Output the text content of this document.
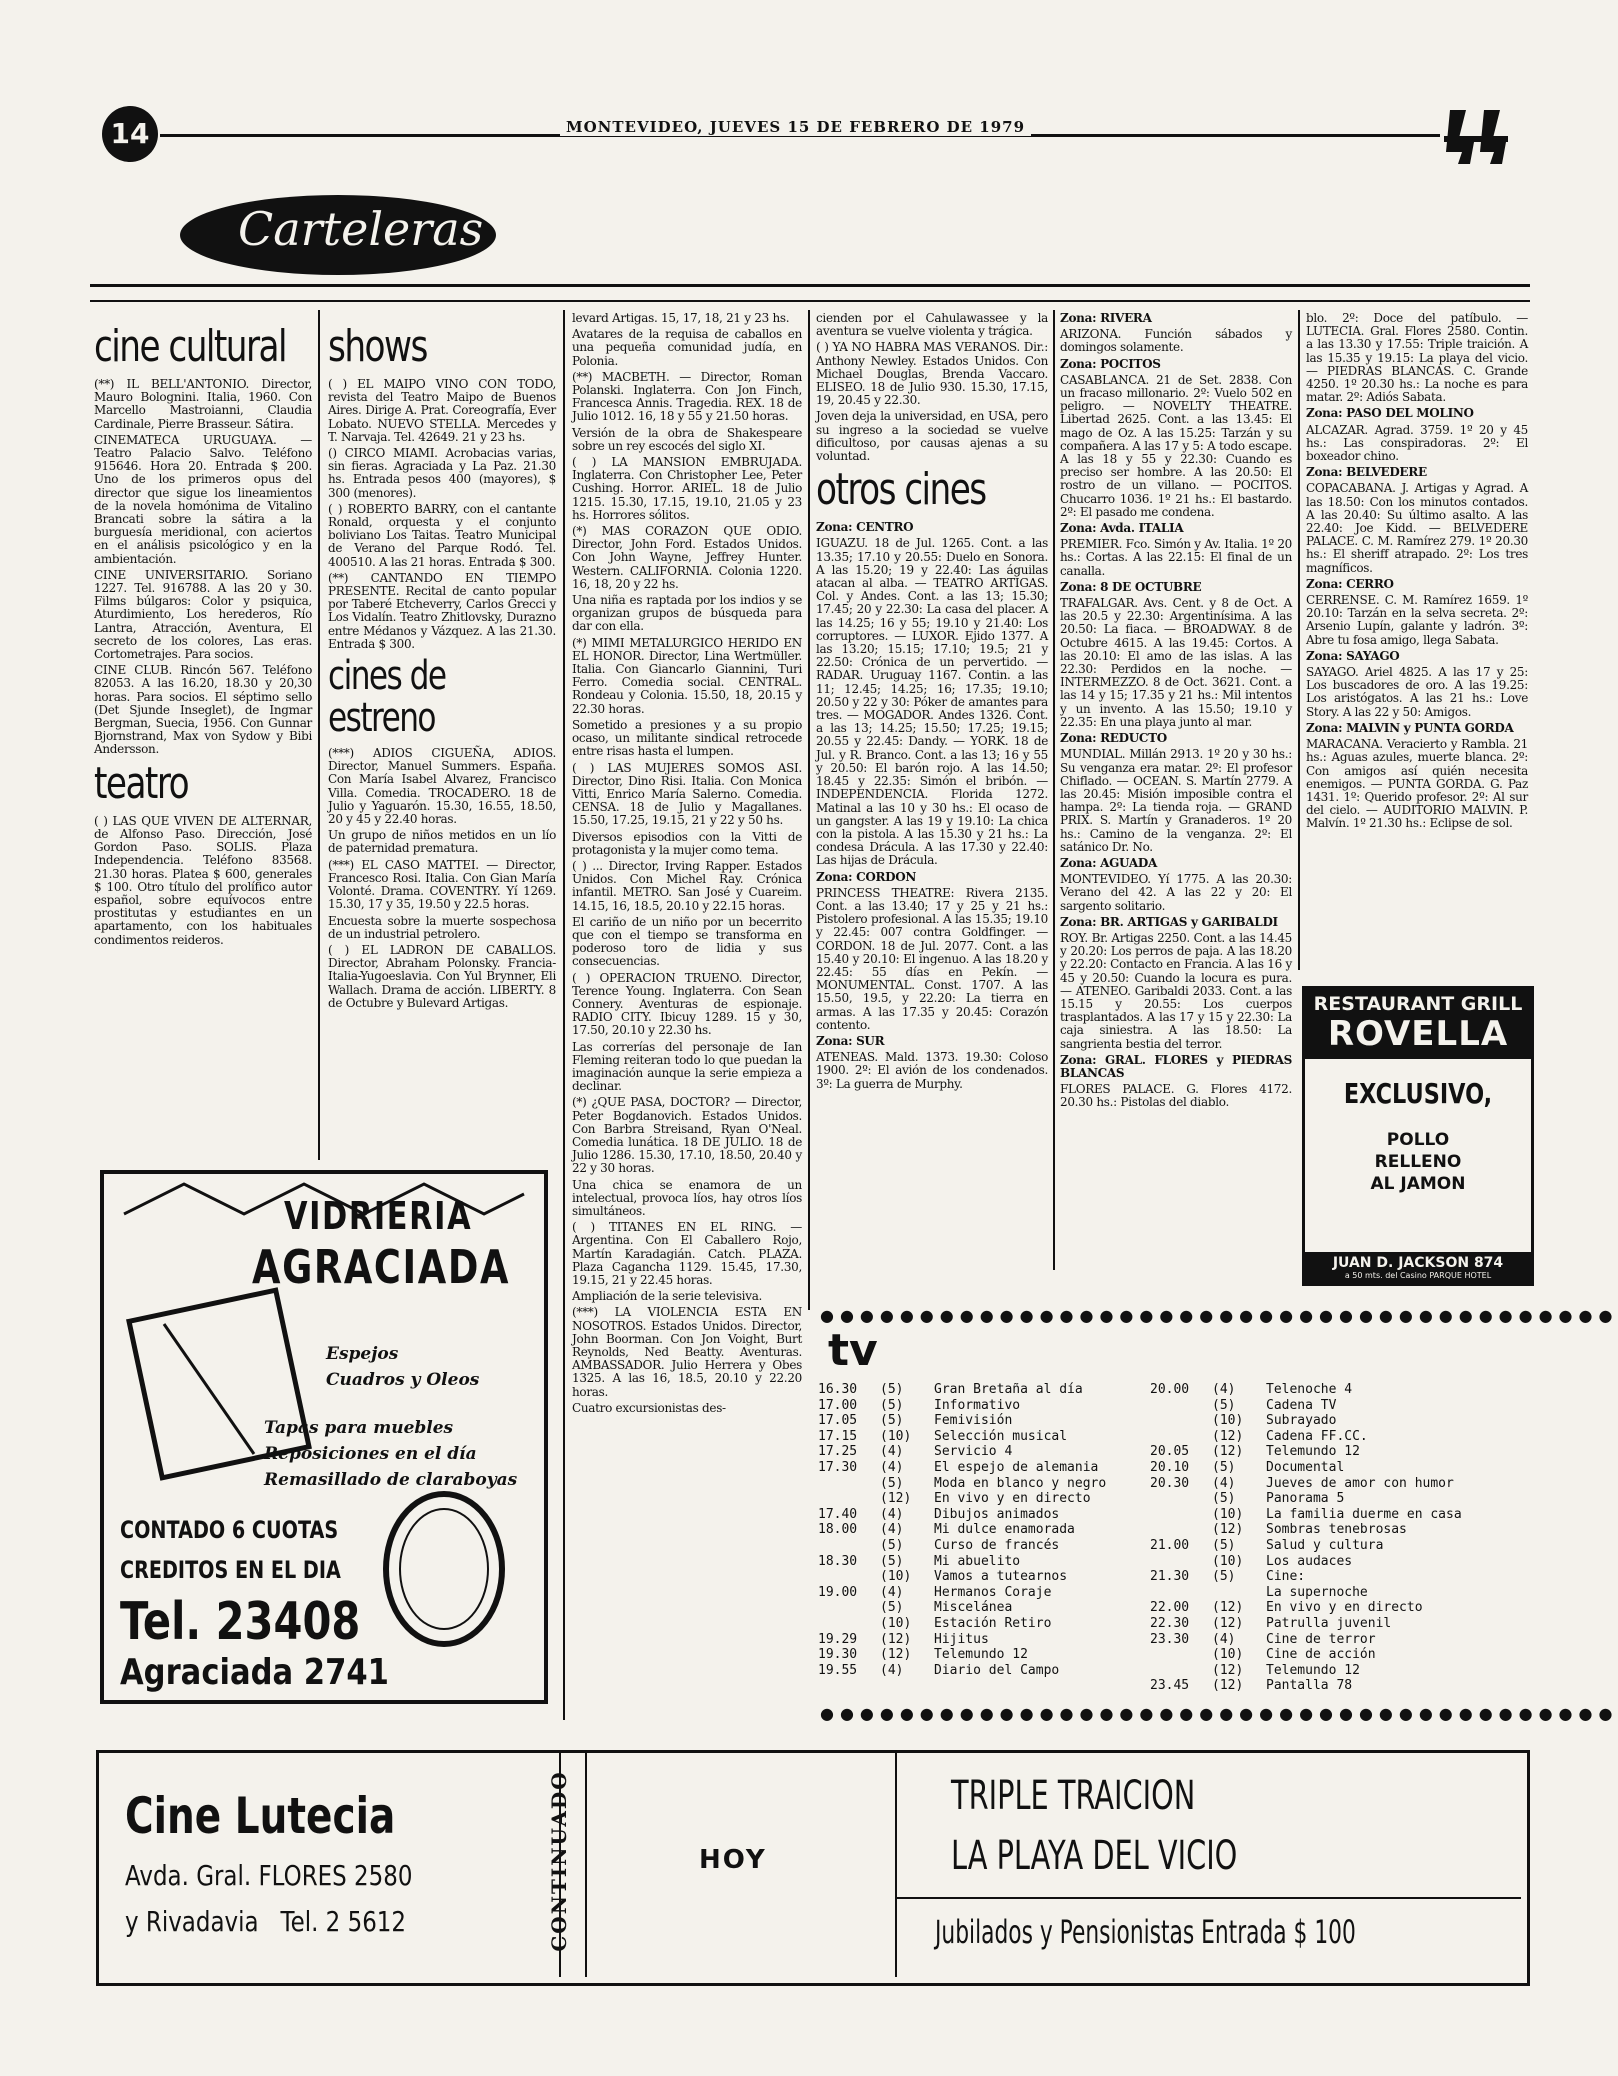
14	MONTEVIDEO, JUEVES 15 DE FEBRERO DE 1979
Carteleras
cine cultural

(**) IL BELL'ANTONIO. Director, Mauro Bolognini. Italia, 1960. Con Marcello Mastroianni, Claudia Cardinale, Pierre Brasseur. Sátira.

CINEMATECA URUGUAYA. — Teatro Palacio Salvo. Teléfono 915646. Hora 20. Entrada $ 200. Uno de los primeros opus del director que sigue los lineamientos de la novela homónima de Vitalino Brancati sobre la sátira a la burguesía meridional, con aciertos en el análisis psicológico y en la ambientación.

CINE UNIVERSITARIO. Soriano 1227. Tel. 916788. A las 20 y 30. Films búlgaros: Color y psiquica, Aturdimiento, Los herederos, Río Lantra, Atracción, Aventura, El secreto de los colores, Las eras. Cortometrajes. Para socios.

CINE CLUB. Rincón 567. Teléfono 82053. A las 16.20, 18.30 y 20,30 horas. Para socios. El séptimo sello (Det Sjunde Inseglet), de Ingmar Bergman, Suecia, 1956. Con Gunnar Bjornstrand, Max von Sydow y Bibi Andersson.

teatro

( ) LAS QUE VIVEN DE ALTERNAR, de Alfonso Paso. Dirección, José Gordon Paso. SOLIS. Plaza Independencia. Teléfono 83568. 21.30 horas. Platea $ 600, generales $ 100. Otro título del prolífico autor español, sobre equívocos entre prostitutas y estudiantes en un apartamento, con los habituales condimentos reideros.

shows

( ) EL MAIPO VINO CON TODO, revista del Teatro Maipo de Buenos Aires. Dirige A. Prat. Coreografía, Ever Lobato. NUEVO STELLA. Mercedes y T. Narvaja. Tel. 42649. 21 y 23 hs.

() CIRCO MIAMI. Acrobacias varias, sin fieras. Agraciada y La Paz. 21.30 hs. Entrada pesos 400 (mayores), $ 300 (menores).

( ) ROBERTO BARRY, con el cantante Ronald, orquesta y el conjunto boliviano Los Taitas. Teatro Municipal de Verano del Parque Rodó. Tel. 400510. A las 21 horas. Entrada $ 300.

(**) CANTANDO EN TIEMPO PRESENTE. Recital de canto popular por Taberé Etcheverry, Carlos Grecci y Los Vidalín. Teatro Zhitlovsky, Durazno entre Médanos y Vázquez. A las 21.30. Entrada $ 300.

cines de estreno

(***) ADIOS CIGUEÑA, ADIOS. Director, Manuel Summers. España. Con María Isabel Alvarez, Francisco Villa. Comedia. TROCADERO. 18 de Julio y Yaguarón. 15.30, 16.55, 18.50, 20 y 45 y 22.40 horas.

Un grupo de niños metidos en un lío de paternidad prematura.

(***) EL CASO MATTEI. — Director, Francesco Rosi. Italia. Con Gian María Volonté. Drama. COVENTRY. Yí 1269. 15.30, 17 y 35, 19.50 y 22.5 horas.

Encuesta sobre la muerte sospechosa de un industrial petrolero.

( ) EL LADRON DE CABALLOS. Director, Abraham Polonsky. Francia-Italia-Yugoeslavia. Con Yul Brynner, Eli Wallach. Drama de acción. LIBERTY. 8 de Octubre y Bulevard Artigas.

levard Artigas. 15, 17, 18, 21 y 23 hs.

Avatares de la requisa de caballos en una pequeña comunidad judía, en Polonia.

(**) MACBETH. — Director, Roman Polanski. Inglaterra. Con Jon Finch, Francesca Annis. Tragedia. REX. 18 de Julio 1012. 16, 18 y 55 y 21.50 horas.

Versión de la obra de Shakespeare sobre un rey escocés del siglo XI.

( ) LA MANSION EMBRUJADA. Inglaterra. Con Christopher Lee, Peter Cushing. Horror. ARIEL. 18 de Julio 1215. 15.30, 17.15, 19.10, 21.05 y 23 hs. Horrores sólitos.

(*) MAS CORAZON QUE ODIO. Director, John Ford. Estados Unidos. Con John Wayne, Jeffrey Hunter. Western. CALIFORNIA. Colonia 1220. 16, 18, 20 y 22 hs.

Una niña es raptada por los indios y se organizan grupos de búsqueda para dar con ella.

(*) MIMI METALURGICO HERIDO EN EL HONOR. Director, Lina Wertmüller. Italia. Con Giancarlo Giannini, Turi Ferro. Comedia social. CENTRAL. Rondeau y Colonia. 15.50, 18, 20.15 y 22.30 horas.

Sometido a presiones y a su propio ocaso, un militante sindical retrocede entre risas hasta el lumpen.

( ) LAS MUJERES SOMOS ASI. Director, Dino Risi. Italia. Con Monica Vitti, Enrico María Salerno. Comedia. CENSA. 18 de Julio y Magallanes. 15.50, 17.25, 19.15, 21 y 22 y 50 hs.

Diversos episodios con la Vitti de protagonista y la mujer como tema.

( ) ... Director, Irving Rapper. Estados Unidos. Con Michel Ray. Crónica infantil. METRO. San José y Cuareim. 14.15, 16, 18.5, 20.10 y 22.15 horas.

El cariño de un niño por un becerrito que con el tiempo se transforma en poderoso toro de lidia y sus consecuencias.

( ) OPERACION TRUENO. Director, Terence Young. Inglaterra. Con Sean Connery. Aventuras de espionaje. RADIO CITY. Ibicuy 1289. 15 y 30, 17.50, 20.10 y 22.30 hs.

Las correrías del personaje de Ian Fleming reiteran todo lo que puedan la imaginación aunque la serie empieza a declinar.

(*) ¿QUE PASA, DOCTOR? — Director, Peter Bogdanovich. Estados Unidos. Con Barbra Streisand, Ryan O'Neal. Comedia lunática. 18 DE JULIO. 18 de Julio 1286. 15.30, 17.10, 18.50, 20.40 y 22 y 30 horas.

Una chica se enamora de un intelectual, provoca líos, hay otros líos simultáneos.

( ) TITANES EN EL RING. — Argentina. Con El Caballero Rojo, Martín Karadagián. Catch. PLAZA. Plaza Cagancha 1129. 15.45, 17.30, 19.15, 21 y 22.45 horas.

Ampliación de la serie televisiva.

(***) LA VIOLENCIA ESTA EN NOSOTROS. Estados Unidos. Director, John Boorman. Con Jon Voight, Burt Reynolds, Ned Beatty. Aventuras. AMBASSADOR. Julio Herrera y Obes 1325. A las 16, 18.5, 20.10 y 22.20 horas.

Cuatro excursionistas des-

cienden por el Cahulawassee y la aventura se vuelve violenta y trágica.

( ) YA NO HABRA MAS VERANOS. Dir.: Anthony Newley. Estados Unidos. Con Michael Douglas, Brenda Vaccaro. ELISEO. 18 de Julio 930. 15.30, 17.15, 19, 20.45 y 22.30.

Joven deja la universidad, en USA, pero su ingreso a la sociedad se vuelve dificultoso, por causas ajenas a su voluntad.

otros cines

Zona: CENTRO

IGUAZU. 18 de Jul. 1265. Cont. a las 13.35; 17.10 y 20.55: Duelo en Sonora. A las 15.20; 19 y 22.40: Las águilas atacan al alba. — TEATRO ARTIGAS. Col. y Andes. Cont. a las 13; 15.30; 17.45; 20 y 22.30: La casa del placer. A las 14.25; 16 y 55; 19.10 y 21.40: Los corruptores. — LUXOR. Ejido 1377. A las 13.20; 15.15; 17.10; 19.5; 21 y 22.50: Crónica de un pervertido. — RADAR. Uruguay 1167. Contin. a las 11; 12.45; 14.25; 16; 17.35; 19.10; 20.50 y 22 y 30: Póker de amantes para tres. — MOGADOR. Andes 1326. Cont. a las 13; 14.25; 15.50; 17.25; 19.15; 20.55 y 22.45: Dandy. — YORK. 18 de Jul. y R. Branco. Cont. a las 13; 16 y 55 y 20.50: El barón rojo. A las 14.50; 18.45 y 22.35: Simón el bribón. — INDEPENDENCIA. Florida 1272. Matinal a las 10 y 30 hs.: El ocaso de un gangster. A las 19 y 19.10: La chica con la pistola. A las 15.30 y 21 hs.: La condesa Drácula. A las 17.30 y 22.40: Las hijas de Drácula.

Zona: CORDON

PRINCESS THEATRE: Rivera 2135. Cont. a las 13.40; 17 y 25 y 21 hs.: Pistolero profesional. A las 15.35; 19.10 y 22.45: 007 contra Goldfinger. — CORDON. 18 de Jul. 2077. Cont. a las 15.40 y 20.10: El ingenuo. A las 18.20 y 22.45: 55 días en Pekín. — MONUMENTAL. Const. 1707. A las 15.50, 19.5, y 22.20: La tierra en armas. A las 17.35 y 20.45: Corazón contento.

Zona: SUR

ATENEAS. Mald. 1373. 19.30: Coloso 1900. 2º: El avión de los condenados. 3º: La guerra de Murphy.

Zona: RIVERA

ARIZONA. Función sábados y domingos solamente.

Zona: POCITOS

CASABLANCA. 21 de Set. 2838. Con un fracaso millonario. 2º: Vuelo 502 en peligro. — NOVELTY THEATRE. Libertad 2625. Cont. a las 13.45: El mago de Oz. A las 15.25: Tarzán y su compañera. A las 17 y 5: A todo escape. A las 18 y 55 y 22.30: Cuando es preciso ser hombre. A las 20.50: El rostro de un villano. — POCITOS. Chucarro 1036. 1º 21 hs.: El bastardo. 2º: El pasado me condena.

Zona: Avda. ITALIA

PREMIER. Fco. Simón y Av. Italia. 1º 20 hs.: Cortas. A las 22.15: El final de un canalla.

Zona: 8 DE OCTUBRE

TRAFALGAR. Avs. Cent. y 8 de Oct. A las 20.5 y 22.30: Argentinísima. A las 20.50: La fiaca. — BROADWAY. 8 de Octubre 4615. A las 19.45: Cortos. A las 20.10: El amo de las islas. A las 22.30: Perdidos en la noche. — INTERMEZZO. 8 de Oct. 3621. Cont. a las 14 y 15; 17.35 y 21 hs.: Mil intentos y un invento. A las 15.50; 19.10 y 22.35: En una playa junto al mar.

Zona: REDUCTO

MUNDIAL. Millán 2913. 1º 20 y 30 hs.: Su venganza era matar. 2º: El profesor Chiflado. — OCEAN. S. Martín 2779. A las 20.45: Misión imposible contra el hampa. 2º: La tienda roja. — GRAND PRIX. S. Martín y Granaderos. 1º 20 hs.: Camino de la venganza. 2º: El satánico Dr. No.

Zona: AGUADA

MONTEVIDEO. Yí 1775. A las 20.30: Verano del 42. A las 22 y 20: El sargento solitario.

Zona: BR. ARTIGAS y GARIBALDI

ROY. Br. Artigas 2250. Cont. a las 14.45 y 20.20: Los perros de paja. A las 18.20 y 22.20: Contacto en Francia. A las 16 y 45 y 20.50: Cuando la locura es pura. — ATENEO. Garibaldi 2033. Cont. a las 15.15 y 20.55: Los cuerpos trasplantados. A las 17 y 15 y 22.30: La caja siniestra. A las 18.50: La sangrienta bestia del terror.

Zona: GRAL. FLORES y PIEDRAS BLANCAS

FLORES PALACE. G. Flores 4172. 20.30 hs.: Pistolas del diablo.

blo. 2º: Doce del patíbulo. — LUTECIA. Gral. Flores 2580. Contin. a las 13.30 y 17.55: Triple traición. A las 15.35 y 19.15: La playa del vicio. — PIEDRAS BLANCAS. C. Grande 4250. 1º 20.30 hs.: La noche es para matar. 2º: Adiós Sabata.

Zona: PASO DEL MOLINO

ALCAZAR. Agrad. 3759. 1º 20 y 45 hs.: Las conspiradoras. 2º: El boxeador chino.

Zona: BELVEDERE

COPACABANA. J. Artigas y Agrad. A las 18.50: Con los minutos contados. A las 20.40: Su último asalto. A las 22.40: Joe Kidd. — BELVEDERE PALACE. C. M. Ramírez 279. 1º 20.30 hs.: El sheriff atrapado. 2º: Los tres magníficos.

Zona: CERRO

CERRENSE. C. M. Ramírez 1659. 1º 20.10: Tarzán en la selva secreta. 2º: Arsenio Lupín, galante y ladrón. 3º: Abre tu fosa amigo, llega Sabata.

Zona: SAYAGO

SAYAGO. Ariel 4825. A las 17 y 25: Los buscadores de oro. A las 19.25: Los aristógatos. A las 21 hs.: Love Story. A las 22 y 50: Amigos.

Zona: MALVIN y PUNTA GORDA

MARACANA. Veracierto y Rambla. 21 hs.: Aguas azules, muerte blanca. 2º: Con amigos así quién necesita enemigos. — PUNTA GORDA. G. Paz 1431. 1º: Querido profesor. 2º: Al sur del cielo. — AUDITORIO MALVIN. P. Malvín. 1º 21.30 hs.: Eclipse de sol.

RESTAURANT GRILL
ROVELLA
EXCLUSIVO,
POLLO
RELLENO
AL JAMON
JUAN D. JACKSON 874
a 50 mts. del Casino PARQUE HOTEL
VIDRIERIA
AGRACIADA
Espejos
Cuadros y Oleos
Tapas para muebles
Reposiciones en el día
Remasillado de claraboyas
CONTADO 6 CUOTAS
CREDITOS EN EL DIA
Tel. 23408
Agraciada 2741
●●●●●●●●●●●●●●●●●●●●●●●●●●●●●●●●●●●●●●●●
tv
16.30	(5)	Gran Bretaña al día
17.00	(5)	Informativo
17.05	(5)	Femivisión
17.15	(10)	Selección musical
17.25	(4)	Servicio 4
17.30	(4)	El espejo de alemania
(5)	Moda en blanco y negro
(12)	En vivo y en directo
17.40	(4)	Dibujos animados
18.00	(4)	Mi dulce enamorada
(5)	Curso de francés
18.30	(5)	Mi abuelito
(10)	Vamos a tutearnos
19.00	(4)	Hermanos Coraje
(5)	Miscelánea
(10)	Estación Retiro
19.29	(12)	Hijitus
19.30	(12)	Telemundo 12
19.55	(4)	Diario del Campo
20.00	(4)	Telenoche 4
(5)	Cadena TV
(10)	Subrayado
(12)	Cadena FF.CC.
20.05	(12)	Telemundo 12
20.10	(5)	Documental
20.30	(4)	Jueves de amor con humor
(5)	Panorama 5
(10)	La familia duerme en casa
(12)	Sombras tenebrosas
21.00	(5)	Salud y cultura
(10)	Los audaces
21.30	(5)	Cine:
La supernoche
22.00	(12)	En vivo y en directo
22.30	(12)	Patrulla juvenil
23.30	(4)	Cine de terror
(10)	Cine de acción
(12)	Telemundo 12
23.45	(12)	Pantalla 78
●●●●●●●●●●●●●●●●●●●●●●●●●●●●●●●●●●●●●●●●
Cine Lutecia
Avda. Gral. FLORES 2580
y Rivadavia   Tel. 2 5612	CONTINUADO	HOY
TRIPLE TRAICION
LA PLAYA DEL VICIO
Jubilados y Pensionistas Entrada $ 100
